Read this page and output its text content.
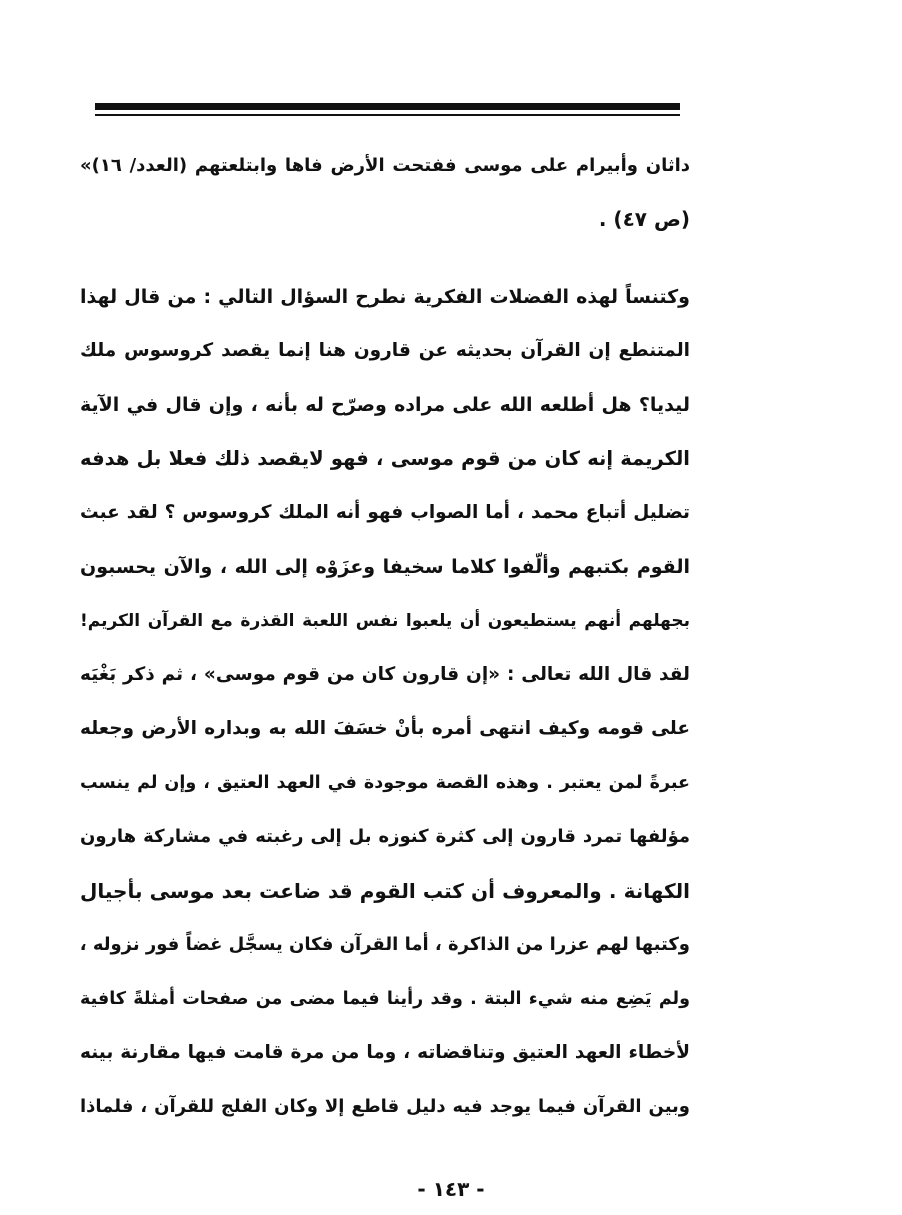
داثان وأبيرام على موسى ففتحت الأرض فاها وابتلعتهم (العدد/ ١٦)»
(ص ٤٧) .
وكتنساً لهذه الفضلات الفكرية نطرح السؤال التالي : من قال لهذا
المتنطع إن القرآن بحديثه عن قارون هنا إنما يقصد كروسوس ملك
ليديا؟ هل أطلعه الله على مراده وصرّح له بأنه ، وإن قال في الآية
الكريمة إنه كان من قوم موسى ، فهو لايقصد ذلك فعلا بل هدفه
تضليل أتباع محمد ، أما الصواب فهو أنه الملك كروسوس ؟ لقد عبث
القوم بكتبهم وألّفوا كلاما سخيفا وعزَوْه إلى الله ، والآن يحسبون
بجهلهم أنهم يستطيعون أن يلعبوا نفس اللعبة القذرة مع القرآن الكريم!
لقد قال الله تعالى : «إن قارون كان من قوم موسى» ، ثم ذكر بَغْيَه
على قومه وكيف انتهى أمره بأنْ خسَفَ الله به وبداره الأرض وجعله
عبرةً لمن يعتبر . وهذه القصة موجودة في العهد العتيق ، وإن لم ينسب
مؤلفها تمرد قارون إلى كثرة كنوزه بل إلى رغبته في مشاركة هارون
الكهانة . والمعروف أن كتب القوم قد ضاعت بعد موسى بأجيال
وكتبها لهم عزرا من الذاكرة ، أما القرآن فكان يسجَّل غضاً فور نزوله ،
ولم يَضِع منه شيء البتة . وقد رأينا فيما مضى من صفحات أمثلةً كافية
لأخطاء العهد العتيق وتناقضاته ، وما من مرة قامت فيها مقارنة بينه
وبين القرآن فيما يوجد فيه دليل قاطع إلا وكان الفلج للقرآن ، فلماذا
- ١٤٣ -
